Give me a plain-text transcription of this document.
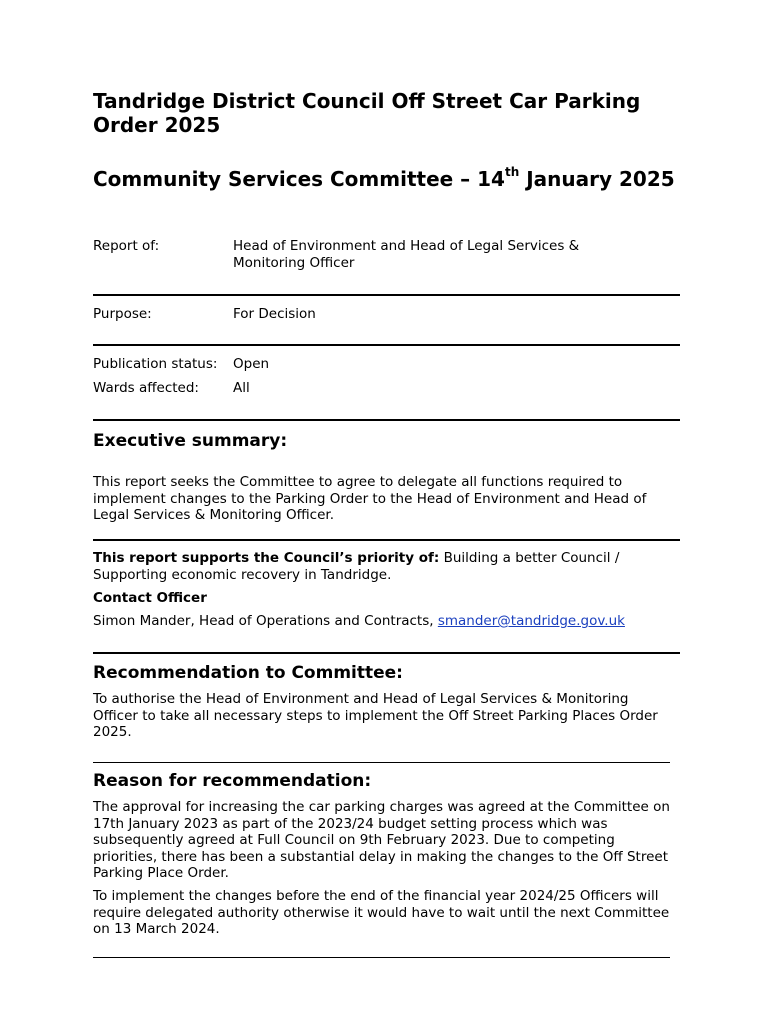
Tandridge District Council Off Street Car Parking Order 2025
Community Services Committee – 14th January 2025
Report of:	Head of Environment and Head of Legal Services & Monitoring Officer
Purpose:	For Decision
Publication status:	Open
Wards affected:	All
Executive summary:

This report seeks the Committee to agree to delegate all functions required to implement changes to the Parking Order to the Head of Environment and Head of Legal Services & Monitoring Officer.

This report supports the Council’s priority of: Building a better Council / Supporting economic recovery in Tandridge.

Contact Officer

Simon Mander, Head of Operations and Contracts, smander@tandridge.gov.uk

Recommendation to Committee:

To authorise the Head of Environment and Head of Legal Services & Monitoring Officer to take all necessary steps to implement the Off Street Parking Places Order 2025.

Reason for recommendation:

The approval for increasing the car parking charges was agreed at the Committee on 17th January 2023 as part of the 2023/24 budget setting process which was subsequently agreed at Full Council on 9th February 2023. Due to competing priorities, there has been a substantial delay in making the changes to the Off Street Parking Place Order.

To implement the changes before the end of the financial year 2024/25 Officers will require delegated authority otherwise it would have to wait until the next Committee on 13 March 2024.
